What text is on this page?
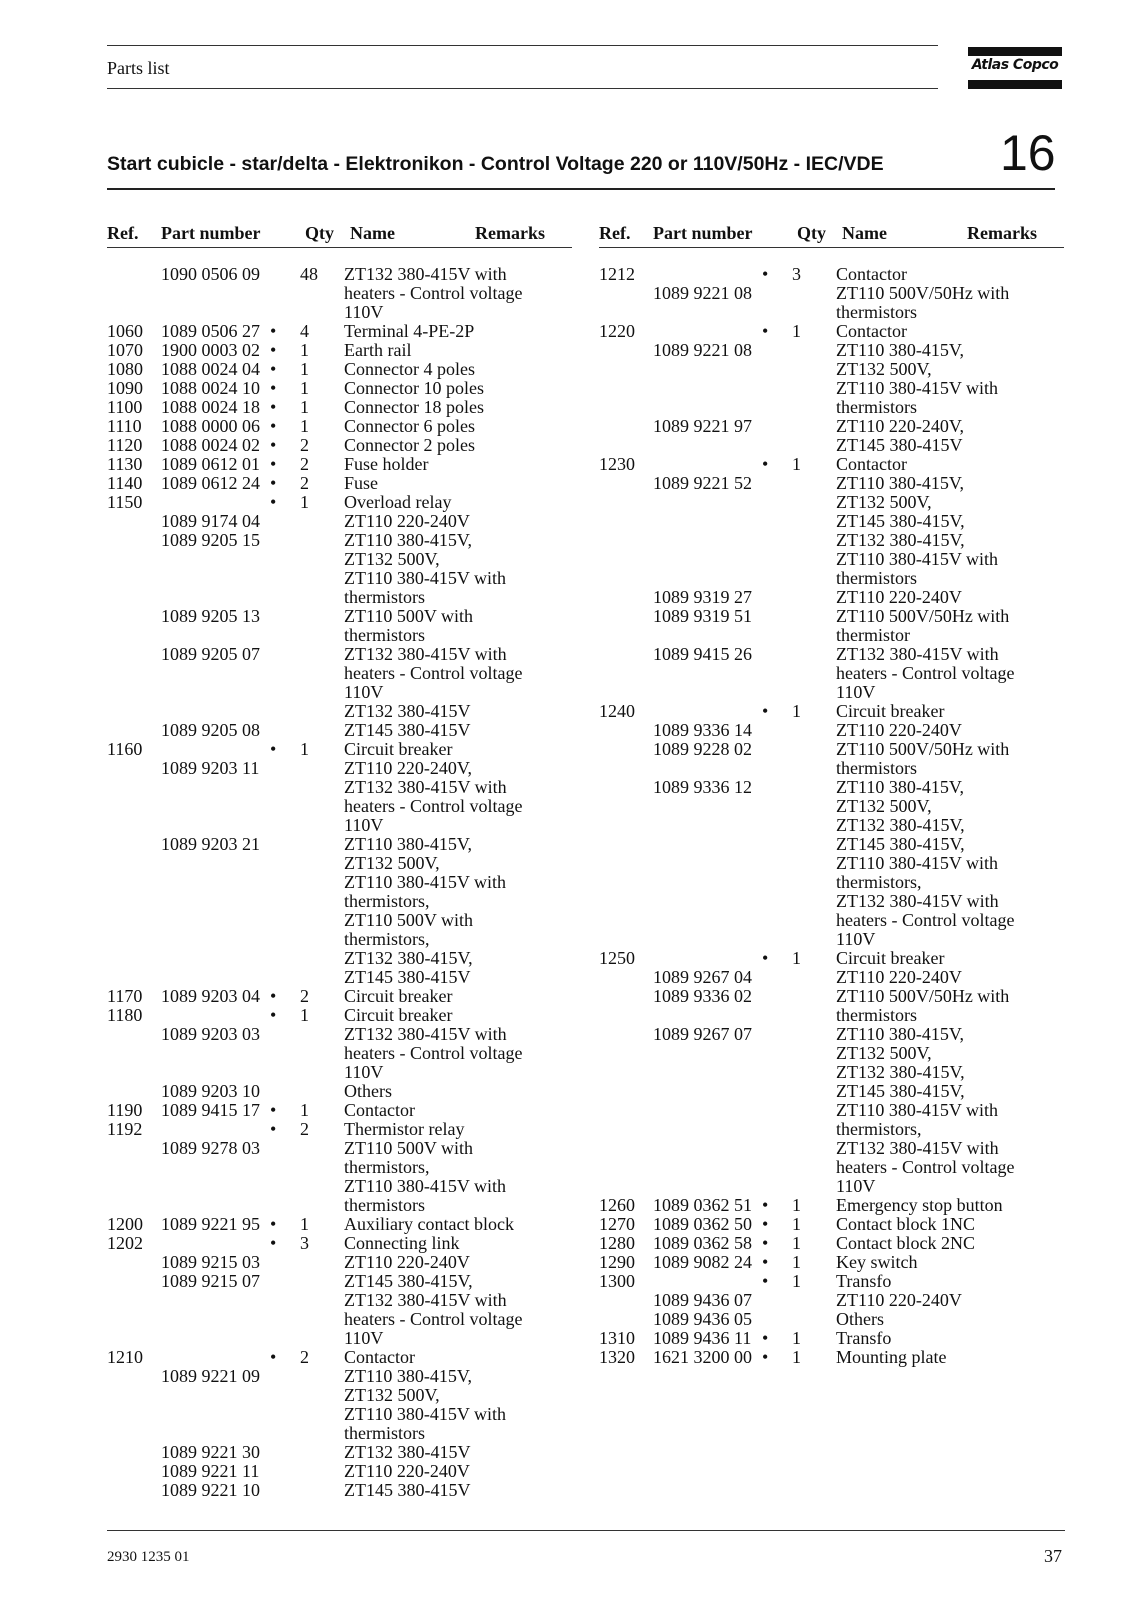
Parts list	Atlas Copco
Start cubicle - star/delta - Elektronikon - Control Voltage 220 or 110V/50Hz - IEC/VDE 16
Ref. Part number Qty Name	Remarks	Ref. Part number Qty Name	Remarks
1090 0506 09 48 ZT132 380-415V with
heaters - Control voltage
110V
1060 1089 0506 27 • 4 Terminal 4-PE-2P
1070 1900 0003 02 • 1 Earth rail
1080 1088 0024 04 • 1 Connector 4 poles
1090 1088 0024 10 • 1 Connector 10 poles
1100 1088 0024 18 • 1 Connector 18 poles
1110 1088 0000 06 • 1 Connector 6 poles
1120 1088 0024 02 • 2 Connector 2 poles
1130 1089 0612 01 • 2 Fuse holder
1140 1089 0612 24 • 2 Fuse
1150	• 1 Overload relay
1089 9174 04	ZT110 220-240V
1089 9205 15	ZT110 380-415V,
ZT132 500V,
ZT110 380-415V with
thermistors
1089 9205 13	ZT110 500V with
thermistors
1089 9205 07	ZT132 380-415V with
heaters - Control voltage
110V
ZT132 380-415V
1089 9205 08	ZT145 380-415V
1160	• 1 Circuit breaker
1089 9203 11	ZT110 220-240V,
ZT132 380-415V with
heaters - Control voltage
110V
1089 9203 21	ZT110 380-415V,
ZT132 500V,
ZT110 380-415V with
thermistors,
ZT110 500V with
thermistors,
ZT132 380-415V,
ZT145 380-415V
1170 1089 9203 04 • 2 Circuit breaker
1180	• 1 Circuit breaker
1089 9203 03	ZT132 380-415V with
heaters - Control voltage
110V
1089 9203 10	Others
1190 1089 9415 17 • 1 Contactor
1192	• 2 Thermistor relay
1089 9278 03	ZT110 500V with
thermistors,
ZT110 380-415V with
thermistors
1200 1089 9221 95 • 1 Auxiliary contact block
1202	• 3 Connecting link
1089 9215 03	ZT110 220-240V
1089 9215 07	ZT145 380-415V,
ZT132 380-415V with
heaters - Control voltage
110V
1210	• 2 Contactor
1089 9221 09	ZT110 380-415V,
ZT132 500V,
ZT110 380-415V with
thermistors
1089 9221 30	ZT132 380-415V
1089 9221 11	ZT110 220-240V
1089 9221 10	ZT145 380-415V
1212	• 3 Contactor
1089 9221 08	ZT110 500V/50Hz with
thermistors
1220	• 1 Contactor
1089 9221 08	ZT110 380-415V,
ZT132 500V,
ZT110 380-415V with
thermistors
1089 9221 97	ZT110 220-240V,
ZT145 380-415V
1230	• 1 Contactor
1089 9221 52	ZT110 380-415V,
ZT132 500V,
ZT145 380-415V,
ZT132 380-415V,
ZT110 380-415V with
thermistors
1089 9319 27	ZT110 220-240V
1089 9319 51	ZT110 500V/50Hz with
thermistor
1089 9415 26	ZT132 380-415V with
heaters - Control voltage
110V
1240	• 1 Circuit breaker
1089 9336 14	ZT110 220-240V
1089 9228 02	ZT110 500V/50Hz with
thermistors
1089 9336 12	ZT110 380-415V,
ZT132 500V,
ZT132 380-415V,
ZT145 380-415V,
ZT110 380-415V with
thermistors,
ZT132 380-415V with
heaters - Control voltage
110V
1250	• 1 Circuit breaker
1089 9267 04	ZT110 220-240V
1089 9336 02	ZT110 500V/50Hz with
thermistors
1089 9267 07	ZT110 380-415V,
ZT132 500V,
ZT132 380-415V,
ZT145 380-415V,
ZT110 380-415V with
thermistors,
ZT132 380-415V with
heaters - Control voltage
110V
1260 1089 0362 51 • 1 Emergency stop button
1270 1089 0362 50 • 1 Contact block 1NC
1280 1089 0362 58 • 1 Contact block 2NC
1290 1089 9082 24 • 1 Key switch
1300	• 1 Transfo
1089 9436 07	ZT110 220-240V
1089 9436 05	Others
1310 1089 9436 11 • 1 Transfo
1320 1621 3200 00 • 1 Mounting plate
2930 1235 01	37
